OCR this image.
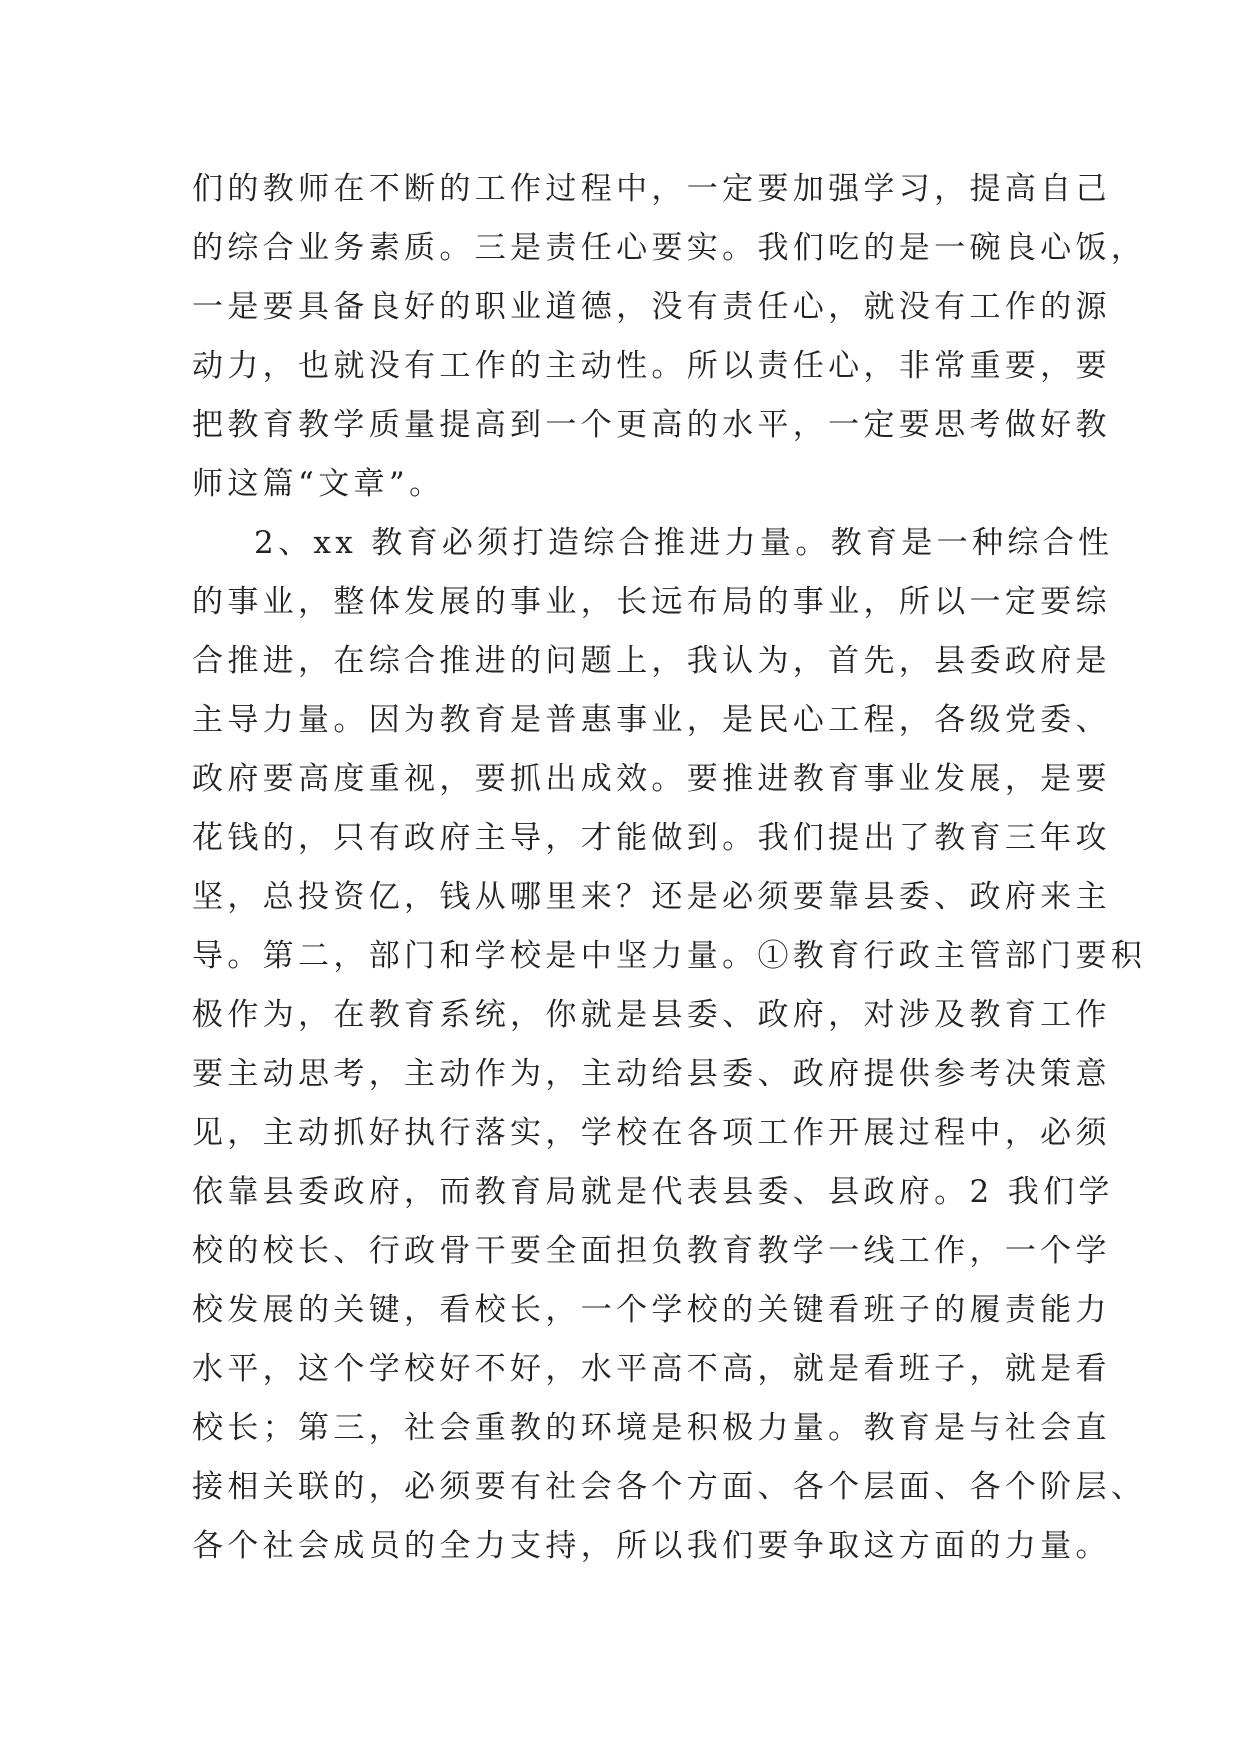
们的教师在不断的工作过程中，一定要加强学习，提高自己
的综合业务素质。三是责任心要实。我们吃的是一碗良心饭，
一是要具备良好的职业道德，没有责任心，就没有工作的源
动力，也就没有工作的主动性。所以责任心，非常重要，要
把教育教学质量提高到一个更高的水平，一定要思考做好教
师这篇“文章”。
2、xx 教育必须打造综合推进力量。教育是一种综合性
的事业，整体发展的事业，长远布局的事业，所以一定要综
合推进，在综合推进的问题上，我认为，首先，县委政府是
主导力量。因为教育是普惠事业，是民心工程，各级党委、
政府要高度重视，要抓出成效。要推进教育事业发展，是要
花钱的，只有政府主导，才能做到。我们提出了教育三年攻
坚，总投资亿，钱从哪里来？还是必须要靠县委、政府来主
导。第二，部门和学校是中坚力量。①教育行政主管部门要积
极作为，在教育系统，你就是县委、政府，对涉及教育工作
要主动思考，主动作为，主动给县委、政府提供参考决策意
见，主动抓好执行落实，学校在各项工作开展过程中，必须
依靠县委政府，而教育局就是代表县委、县政府。2 我们学
校的校长、行政骨干要全面担负教育教学一线工作，一个学
校发展的关键，看校长，一个学校的关键看班子的履责能力
水平，这个学校好不好，水平高不高，就是看班子，就是看
校长；第三，社会重教的环境是积极力量。教育是与社会直
接相关联的，必须要有社会各个方面、各个层面、各个阶层、
各个社会成员的全力支持，所以我们要争取这方面的力量。
